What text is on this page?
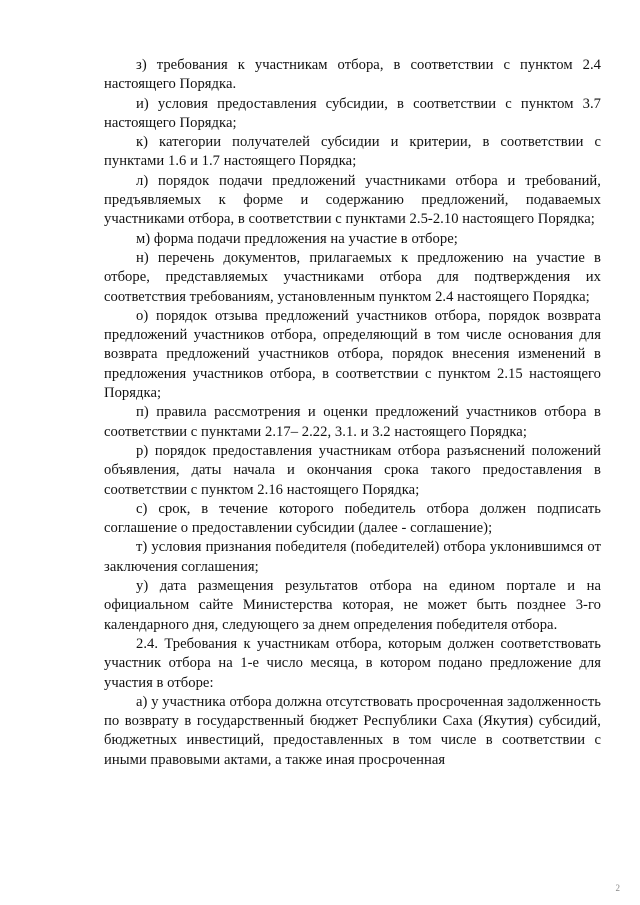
з) требования к участникам отбора, в соответствии с пунктом 2.4 настоящего Порядка.

и) условия предоставления субсидии, в соответствии с пунктом 3.7 настоящего Порядка;

к) категории получателей субсидии и критерии, в соответствии с пунктами 1.6 и 1.7 настоящего Порядка;

л) порядок подачи предложений участниками отбора и требований, предъявляемых к форме и содержанию предложений, подаваемых участниками отбора, в соответствии с пунктами 2.5-2.10 настоящего Порядка;

м) форма подачи предложения на участие в отборе;

н) перечень документов, прилагаемых к предложению на участие в отборе, представляемых участниками отбора для подтверждения их соответствия требованиям, установленным пунктом 2.4 настоящего Порядка;

о) порядок отзыва предложений участников отбора, порядок возврата предложений участников отбора, определяющий в том числе основания для возврата предложений участников отбора, порядок внесения изменений в предложения участников отбора, в соответствии с пунктом 2.15 настоящего Порядка;

п) правила рассмотрения и оценки предложений участников отбора в соответствии с пунктами 2.17– 2.22, 3.1. и 3.2 настоящего Порядка;

р) порядок предоставления участникам отбора разъяснений положений объявления, даты начала и окончания срока такого предоставления в соответствии с пунктом 2.16 настоящего Порядка;

с) срок, в течение которого победитель отбора должен подписать соглашение о предоставлении субсидии (далее - соглашение);

т) условия признания победителя (победителей) отбора уклонившимся от заключения соглашения;

у) дата размещения результатов отбора на едином портале и на официальном сайте Министерства которая, не может быть позднее 3-го календарного дня, следующего за днем определения победителя отбора.

2.4. Требования к участникам отбора, которым должен соответствовать участник отбора на 1-е число месяца, в котором подано предложение для участия в отборе:

а) у участника отбора должна отсутствовать просроченная задолженность по возврату в государственный бюджет Республики Саха (Якутия) субсидий, бюджетных инвестиций, предоставленных в том числе в соответствии с иными правовыми актами, а также иная просроченная

2
